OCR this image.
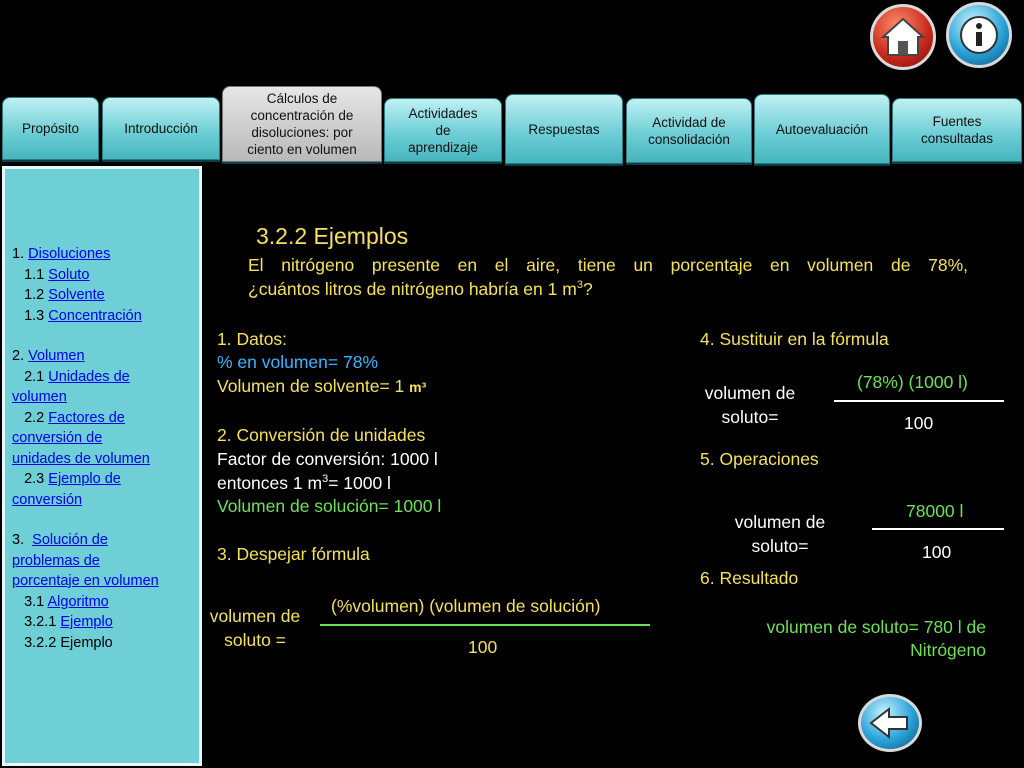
Propósito	Introducción
Cálculos de
concentración de
disoluciones: por
ciento en volumen
Actividades
de
aprendizaje
Respuestas	Actividad de
consolidación
Autoevaluación	Fuentes
consultadas
1. Disoluciones
1.1 Soluto
1.2 Solvente
1.3 Concentración
2. Volumen
2.1 Unidades de
volumen
2.2 Factores de
conversión de
unidades de volumen
2.3 Ejemplo de
conversión
3.  Solución de
problemas de
porcentaje en volumen
3.1 Algoritmo
3.2.1 Ejemplo
3.2.2 Ejemplo
3.2.2 Ejemplos
El nitrógeno presente en el aire, tiene un porcentaje en volumen de 78%,
¿cuántos litros de nitrógeno habría en 1 $m^3$?
1. Datos:
% en volumen= 78%
Volumen de solvente= 1 m³
2. Conversión de unidades
Factor de conversión: 1000 l
entonces 1 $m^3= 1000$ l
Volumen de solución= 1000 l
3. Despejar fórmula
volumen de
soluto =
(%volumen) (volumen de solución)
100
4. Sustituir en la fórmula
volumen de
soluto=
(78%) (1000 l)
100
5. Operaciones
volumen de
soluto=
78000 l
100
6. Resultado
volumen de soluto= 780 l de
Nitrógeno
